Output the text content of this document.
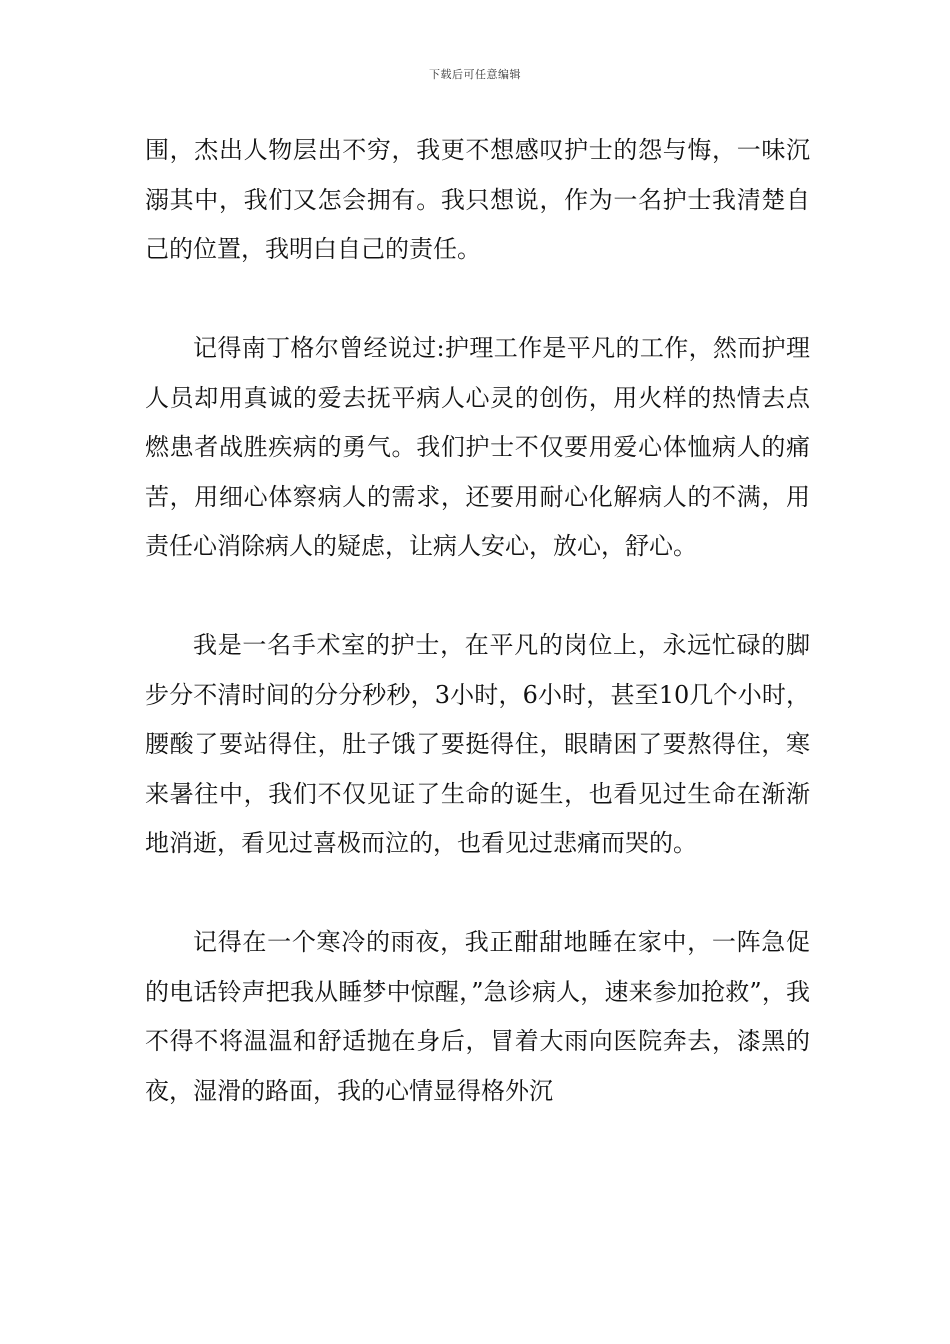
下载后可任意编辑

围，杰出人物层出不穷，我更不想感叹护士的怨与悔，一味沉溺其中，我们又怎会拥有。我只想说，作为一名护士我清楚自己的位置，我明白自己的责任。

记得南丁格尔曾经说过:护理工作是平凡的工作，然而护理人员却用真诚的爱去抚平病人心灵的创伤，用火样的热情去点燃患者战胜疾病的勇气。我们护士不仅要用爱心体恤病人的痛苦，用细心体察病人的需求，还要用耐心化解病人的不满，用责任心消除病人的疑虑，让病人安心，放心，舒心。

我是一名手术室的护士，在平凡的岗位上，永远忙碌的脚步分不清时间的分分秒秒，3小时，6小时，甚至10几个小时，腰酸了要站得住，肚子饿了要挺得住，眼睛困了要熬得住，寒来暑往中，我们不仅见证了生命的诞生，也看见过生命在渐渐地消逝，看见过喜极而泣的，也看见过悲痛而哭的。

记得在一个寒冷的雨夜，我正酣甜地睡在家中，一阵急促的电话铃声把我从睡梦中惊醒，”急诊病人，速来参加抢救”，我不得不将温温和舒适抛在身后，冒着大雨向医院奔去，漆黑的夜，湿滑的路面，我的心情显得格外沉
